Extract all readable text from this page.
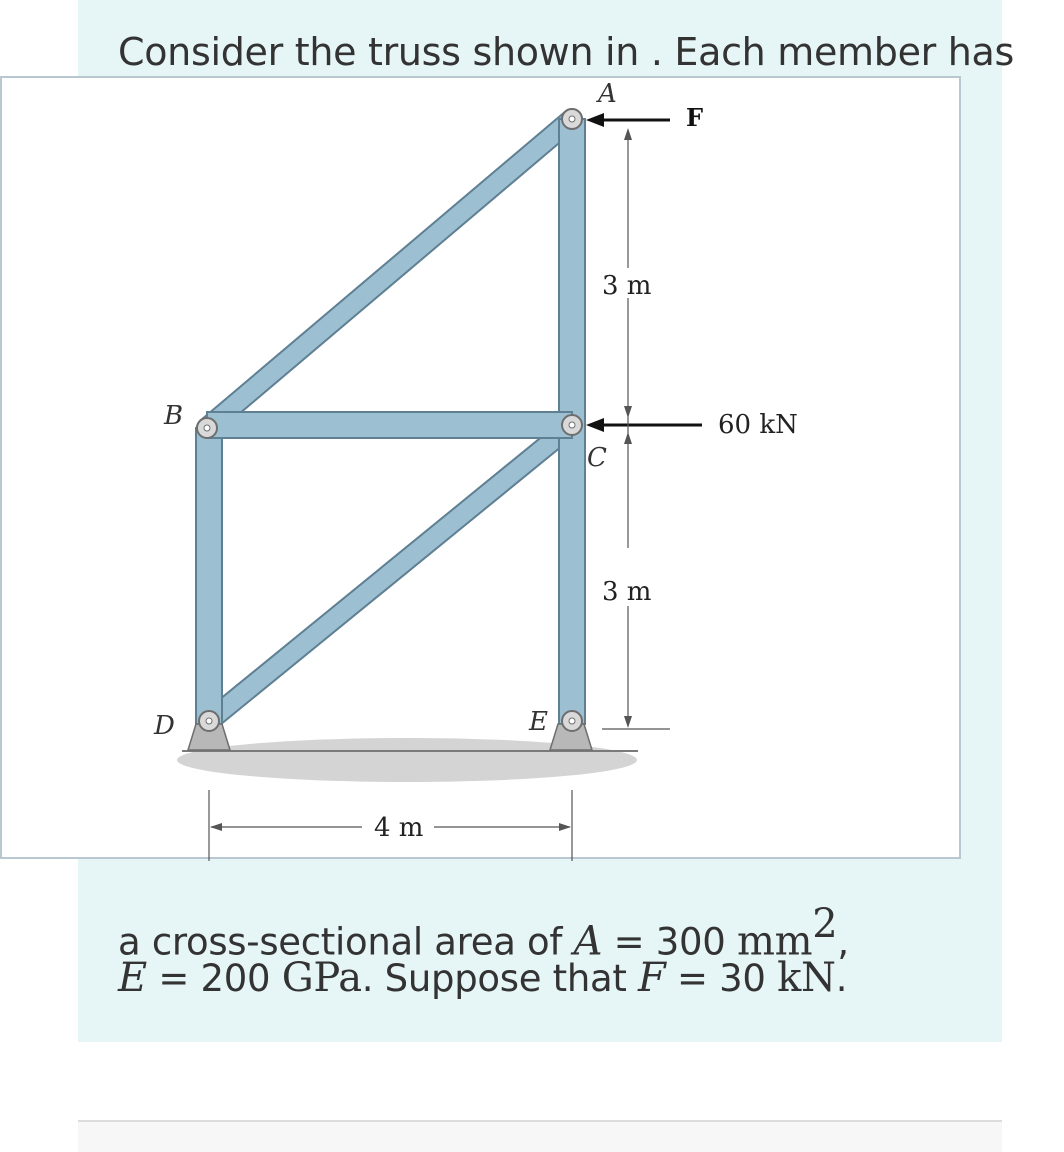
Consider the truss shown in . Each member has
F
60 kN
3 m
3 m
4 m
A
B
C
D	E
a cross-sectional area of A = 300 $mm^2$,
E = 200 GPa. Suppose that F = 30 kN.
